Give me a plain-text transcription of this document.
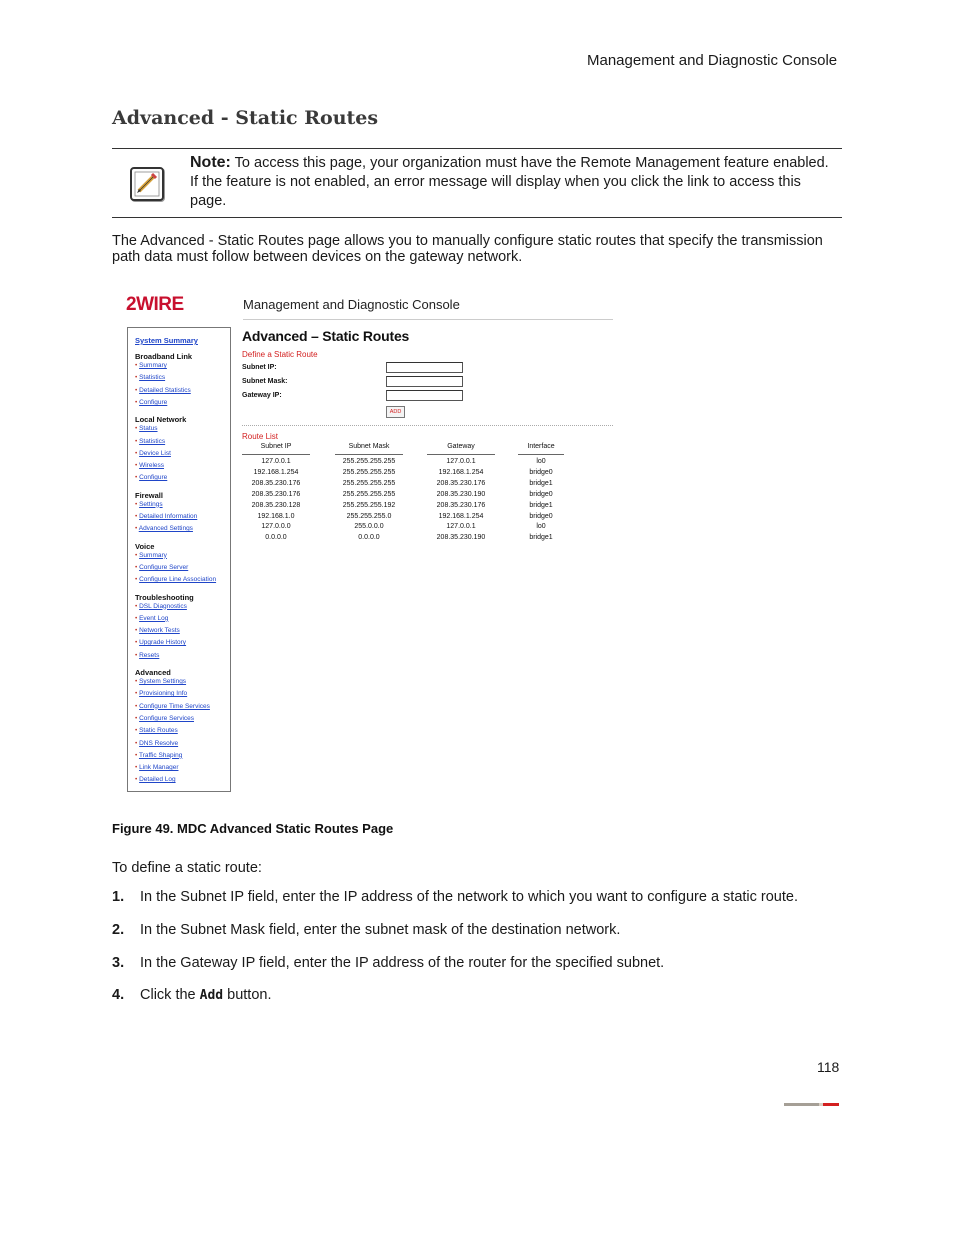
Management and Diagnostic Console
Advanced - Static Routes
Note: To access this page, your organization must have the Remote Management feature enabled. If the feature is not enabled, an error message will display when you click the link to access this page.
The Advanced - Static Routes page allows you to manually configure static routes that specify the transmission path data must follow between devices on the gateway network.
2WIRE	Management and Diagnostic Console
System Summary
Broadband Link
• Summary
• Statistics
• Detailed Statistics
• Configure
Local Network
• Status
• Statistics
• Device List
• Wireless
• Configure
Firewall
• Settings
• Detailed Information
• Advanced Settings
Voice
• Summary
• Configure Server
• Configure Line Association
Troubleshooting
• DSL Diagnostics
• Event Log
• Network Tests
• Upgrade History
• Resets
Advanced
• System Settings
• Provisioning Info
• Configure Time Services
• Configure Services
• Static Routes
• DNS Resolve
• Traffic Shaping
• Link Manager
• Detailed Log
Advanced – Static Routes
Define a Static Route
Subnet IP:
Subnet Mask:
Gateway IP:
ADD
Route List
Subnet IP	Subnet Mask	Gateway	Interface
127.0.0.1	255.255.255.255	127.0.0.1	lo0
192.168.1.254	255.255.255.255	192.168.1.254	bridge0
208.35.230.176	255.255.255.255	208.35.230.176	bridge1
208.35.230.176	255.255.255.255	208.35.230.190	bridge0
208.35.230.128	255.255.255.192	208.35.230.176	bridge1
192.168.1.0	255.255.255.0	192.168.1.254	bridge0
127.0.0.0	255.0.0.0	127.0.0.1	lo0
0.0.0.0	0.0.0.0	208.35.230.190	bridge1
Figure 49. MDC Advanced Static Routes Page
To define a static route:
1. In the Subnet IP field, enter the IP address of the network to which you want to configure a static route.
2. In the Subnet Mask field, enter the subnet mask of the destination network.
3. In the Gateway IP field, enter the IP address of the router for the specified subnet.
4. Click the Add button.
118
